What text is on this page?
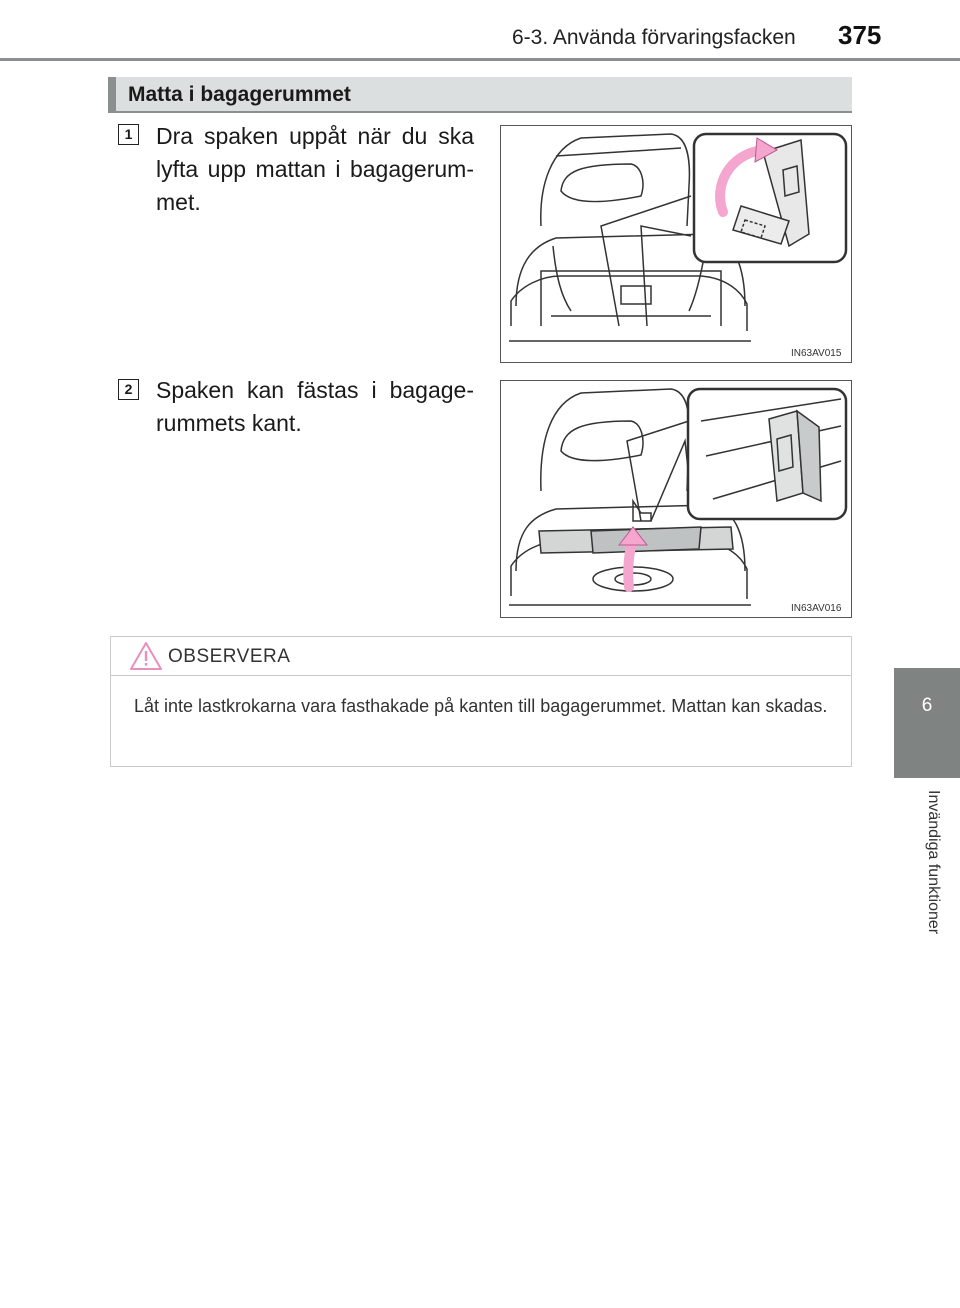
6-3. Använda förvaringsfacken 375
6
Invändiga funktioner
Matta i bagagerummet
1 Dra spaken uppåt när du ska lyfta upp mattan i bagagerum-met.
IN63AV015
2 Spaken kan fästas i bagage-rummets kant.
IN63AV016
OBSERVERA
Låt inte lastkrokarna vara fasthakade på kanten till bagagerummet. Mattan kan skadas.
